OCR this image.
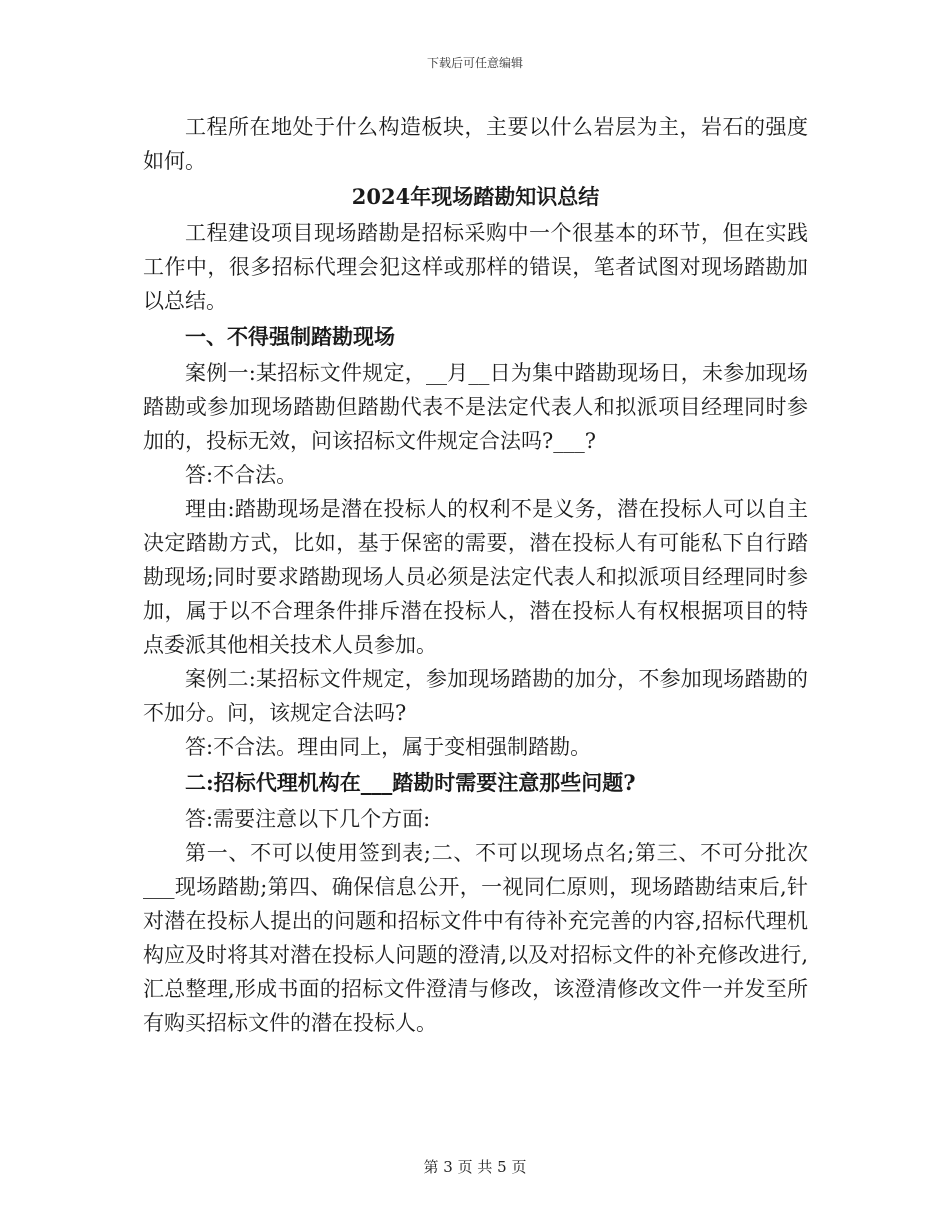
下载后可任意编辑

工程所在地处于什么构造板块，主要以什么岩层为主，岩石的强度如何。

2024年现场踏勘知识总结

工程建设项目现场踏勘是招标采购中一个很基本的环节，但在实践工作中，很多招标代理会犯这样或那样的错误，笔者试图对现场踏勘加以总结。

一、不得强制踏勘现场

案例一:某招标文件规定，__月__日为集中踏勘现场日，未参加现场踏勘或参加现场踏勘但踏勘代表不是法定代表人和拟派项目经理同时参加的，投标无效，问该招标文件规定合法吗?___?

答:不合法。

理由:踏勘现场是潜在投标人的权利不是义务，潜在投标人可以自主决定踏勘方式，比如，基于保密的需要，潜在投标人有可能私下自行踏勘现场;同时要求踏勘现场人员必须是法定代表人和拟派项目经理同时参加，属于以不合理条件排斥潜在投标人，潜在投标人有权根据项目的特点委派其他相关技术人员参加。

案例二:某招标文件规定，参加现场踏勘的加分，不参加现场踏勘的不加分。问，该规定合法吗?

答:不合法。理由同上，属于变相强制踏勘。

二:招标代理机构在___踏勘时需要注意那些问题?

答:需要注意以下几个方面:

第一、不可以使用签到表;二、不可以现场点名;第三、不可分批次___现场踏勘;第四、确保信息公开，一视同仁原则，现场踏勘结束后,针对潜在投标人提出的问题和招标文件中有待补充完善的内容,招标代理机构应及时将其对潜在投标人问题的澄清,以及对招标文件的补充修改进行,汇总整理,形成书面的招标文件澄清与修改，该澄清修改文件一并发至所有购买招标文件的潜在投标人。

第 3 页 共 5 页
